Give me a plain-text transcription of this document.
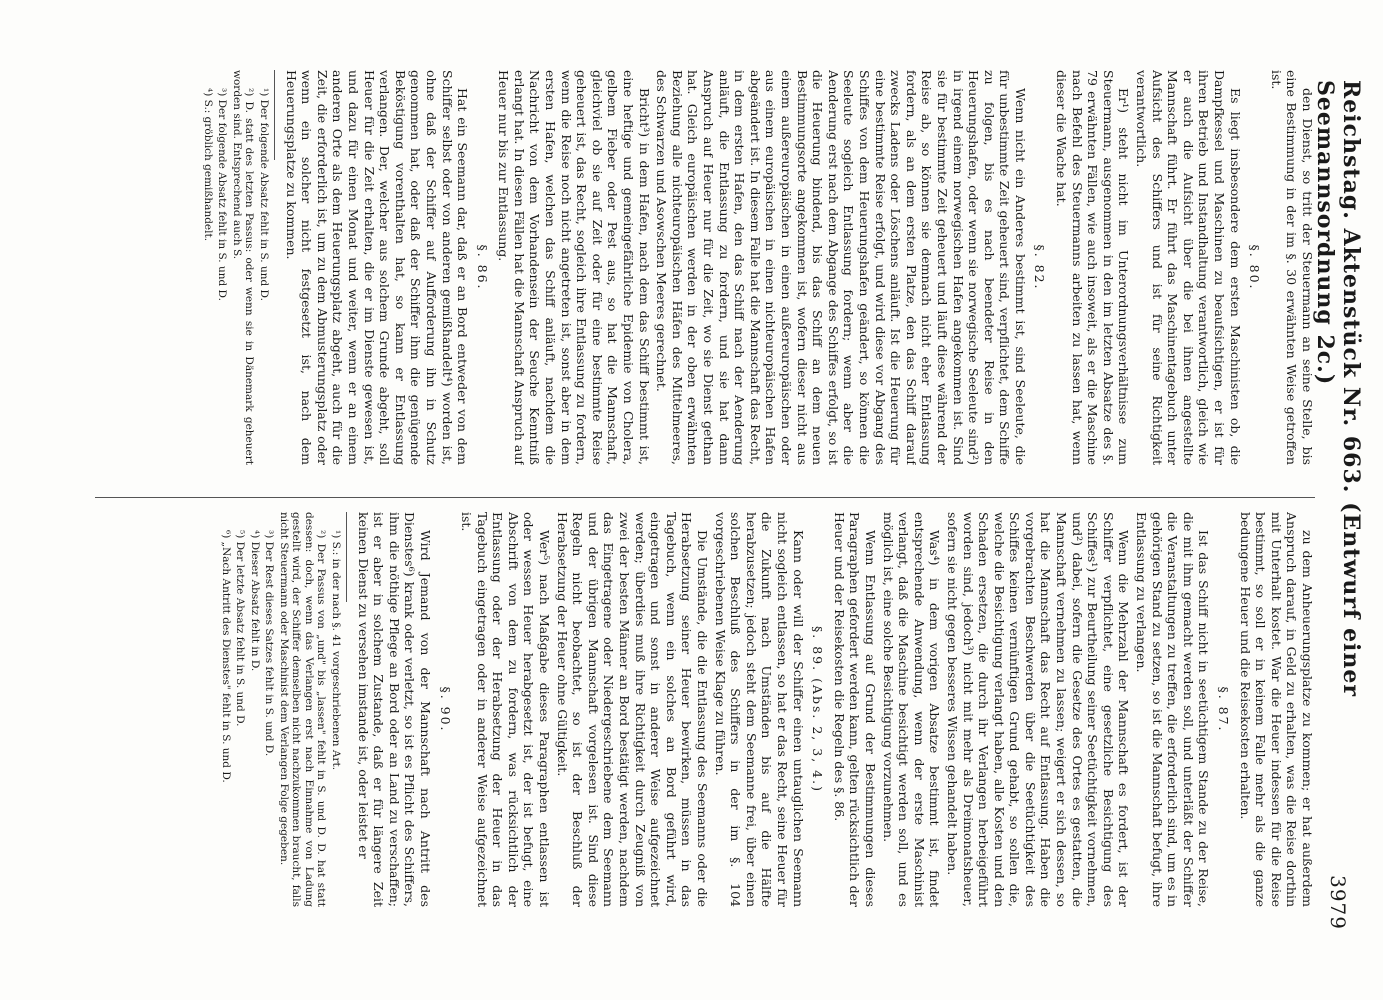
Reichstag. Aktenstück Nr. 663. (Entwurf einer Seemannsordnung 2c.)
3979

den Dienst, so tritt der Steuermann an seine Stelle, bis eine Bestimmung in der im §. 30 erwähnten Weise getroffen ist.

§. 80.

Es liegt insbesondere dem ersten Maschinisten ob, die Dampfkessel und Maschinen zu beaufsichtigen, er ist für ihren Betrieb und Instandhaltung verantwortlich, gleich wie er auch die Aufsicht über die bei ihnen angestellte Mannschaft führt. Er führt das Maschinentagebuch unter Aufsicht des Schiffers und ist für seine Richtigkeit verantwortlich.

Er¹) steht nicht im Unterordnungsverhältnisse zum Steuermann, ausgenommen in den im letzten Absatze des §. 79 erwähnten Fällen, wie auch insoweit, als er die Maschine nach Befehl des Steuermanns arbeiten zu lassen hat, wenn dieser die Wache hat.

§. 82.

Wenn nicht ein Anderes bestimmt ist, sind Seeleute, die für unbestimmte Zeit geheuert sind, verpflichtet, dem Schiffe zu folgen, bis es nach beendeter Reise in den Heuerungshafen, oder wenn sie norwegische Seeleute sind²) in irgend einem norwegischen Hafen angekommen ist. Sind sie für bestimmte Zeit geheuert und läuft diese während der Reise ab, so können sie demnach nicht eher Entlassung fordern, als an dem ersten Platze, den das Schiff darauf zwecks Ladens oder Löschens anläuft. Ist die Heuerung für eine bestimmte Reise erfolgt, und wird diese vor Abgang des Schiffes von dem Heuerungshafen geändert, so können die Seeleute sogleich Entlassung fordern; wenn aber die Aenderung erst nach dem Abgange des Schiffes erfolgt, so ist die Heuerung bindend, bis das Schiff an dem neuen Bestimmungsorte angekommen ist, wofern dieser nicht aus einem außereuropäischen in einen außereuropäischen oder aus einem europäischen in einen nichteuropäischen Hafen abgeändert ist. In diesem Falle hat die Mannschaft das Recht, in dem ersten Hafen, den das Schiff nach der Aenderung anläuft, die Entlassung zu fordern, und sie hat dann Anspruch auf Heuer nur für die Zeit, wo sie Dienst gethan hat. Gleich europäischen werden in der oben erwähnten Beziehung alle nichteuropäischen Häfen des Mittelmeeres, des Schwarzen und Asowschen Meeres gerechnet.

Bricht³) in dem Hafen, nach dem das Schiff bestimmt ist, eine heftige und gemeingefährliche Epidemie von Cholera, gelbem Fieber oder Pest aus, so hat die Mannschaft, gleichviel ob sie auf Zeit oder für eine bestimmte Reise geheuert ist, das Recht, sogleich ihre Entlassung zu fordern, wenn die Reise noch nicht angetreten ist, sonst aber in dem ersten Hafen, welchen das Schiff anläuft, nachdem die Nachricht von dem Vorhandensein der Seuche Kenntniß erlangt hat. In diesen Fällen hat die Mannschaft Anspruch auf Heuer nur bis zur Entlassung.

§. 86.

Hat ein Seemann dar, daß er an Bord entweder von dem Schiffer selbst oder von anderen gemißhandelt⁴) worden ist, ohne daß der Schiffer auf Aufforderung ihn in Schutz genommen hat, oder daß der Schiffer ihm die genügende Beköstigung vorenthalten hat, so kann er Entlassung verlangen. Der, welcher aus solchem Grunde abgeht, soll Heuer für die Zeit erhalten, die er im Dienste gewesen ist, und dazu für einen Monat und weiter, wenn er an einem anderen Orte als dem Heuerungsplatz abgeht, auch für die Zeit, die erforderlich ist, um zu dem Abmusterungsplatz oder wenn ein solcher nicht festgesetzt ist, nach dem Heuerungsplatze zu kommen.

¹) Der folgende Absatz fehlt in S. und D.

²) D. statt des letzten Passus: oder wenn sie in Dänemark geheuert worden sind. Entsprechend auch S.

³) Der folgende Absatz fehlt in S. und D.

⁴) S.: gröblich gemißhandelt.

zu dem Anheuerungsplatze zu kommen; er hat außerdem Anspruch darauf, in Geld zu erhalten, was die Reise dorthin mit Unterhalt kostet. War die Heuer indessen für die Reise bestimmt, so soll er in keinem Falle mehr als die ganze bedungene Heuer und die Reisekosten erhalten.

§. 87.

Ist das Schiff nicht in seetüchtigem Stande zu der Reise, die mit ihm gemacht werden soll, und unterläßt der Schiffer die Veranstaltungen zu treffen, die erforderlich sind, um es in gehörigen Stand zu setzen, so ist die Mannschaft befugt, ihre Entlassung zu verlangen.

Wenn die Mehrzahl der Mannschaft es fordert, ist der Schiffer verpflichtet, eine gesetzliche Besichtigung des Schiffes¹) zur Beurtheilung seiner Seetüchtigkeit vornehmen, und²) dabei, sofern die Gesetze des Ortes es gestatten, die Mannschaft vernehmen zu lassen; weigert er sich dessen, so hat die Mannschaft das Recht auf Entlassung. Haben die vorgebrachten Beschwerden über die Seetüchtigkeit des Schiffes keinen vernünftigen Grund gehabt, so sollen die, welche die Besichtigung verlangt haben, alle Kosten und den Schaden ersetzen, die durch ihr Verlangen herbeigeführt worden sind, jedoch³) nicht mit mehr als Dreimonatsheuer, sofern sie nicht gegen besseres Wissen gehandelt haben.

Was⁴) in dem vorigen Absatze bestimmt ist, findet entsprechende Anwendung, wenn der erste Maschinist verlangt, daß die Maschine besichtigt werden soll, und es möglich ist, eine solche Besichtigung vorzunehmen.

Wenn Entlassung auf Grund der Bestimmungen dieses Paragraphen gefordert werden kann, gelten rücksichtlich der Heuer und der Reisekosten die Regeln des §. 86.

§. 89. (Abs. 2, 3, 4.)

Kann oder will der Schiffer einen untauglichen Seemann nicht sogleich entlassen, so hat er das Recht, seine Heuer für die Zukunft nach Umständen bis auf die Hälfte herabzusetzen; jedoch steht dem Seemanne frei, über einen solchen Beschluß des Schiffers in der im §. 104 vorgeschriebenen Weise Klage zu führen.

Die Umstände, die die Entlassung des Seemanns oder die Herabsetzung seiner Heuer bewirken, müssen in das Tagebuch, wenn ein solches an Bord geführt wird, eingetragen und sonst in anderer Weise aufgezeichnet werden; überdies muß ihre Richtigkeit durch Zeugniß von zwei der besten Männer an Bord bestätigt werden, nachdem das Eingetragene oder Niedergeschriebene dem Seemann und der übrigen Mannschaft vorgelesen ist. Sind diese Regeln nicht beobachtet, so ist der Beschluß der Herabsetzung der Heuer ohne Gültigkeit.

Wer⁵) nach Maßgabe dieses Paragraphen entlassen ist oder wessen Heuer herabgesetzt ist, der ist befugt, eine Abschrift von dem zu fordern, was rücksichtlich der Entlassung oder der Herabsetzung der Heuer in das Tagebuch eingetragen oder in anderer Weise aufgezeichnet ist.

§. 90.

Wird Jemand von der Mannschaft nach Antritt des Dienstes⁶) krank oder verletzt, so ist es Pflicht des Schiffers, ihm die nöthige Pflege an Bord oder an Land zu verschaffen; ist er aber in solchem Zustande, daß er für längere Zeit keinen Dienst zu versehen imstande ist, oder leistet er

¹) S.: in der nach §. 41 vorgeschriebenen Art.

²) Der Passus von „und" bis „lassen" fehlt in S. und D. D. hat statt dessen: doch, wenn das Verlangen erst nach Einnahme von Ladung gestellt wird, der Schiffer demselben nicht nachzukommen braucht, falls nicht Steuermann oder Maschinist dem Verlangen Folge gegeben.

³) Der Rest dieses Satzes fehlt in S. und D.

⁴) Dieser Absatz fehlt in D.

⁵) Der letzte Absatz fehlt in S. und D.

⁶) „Nach Antritt des Dienstes" fehlt in S. und D.
